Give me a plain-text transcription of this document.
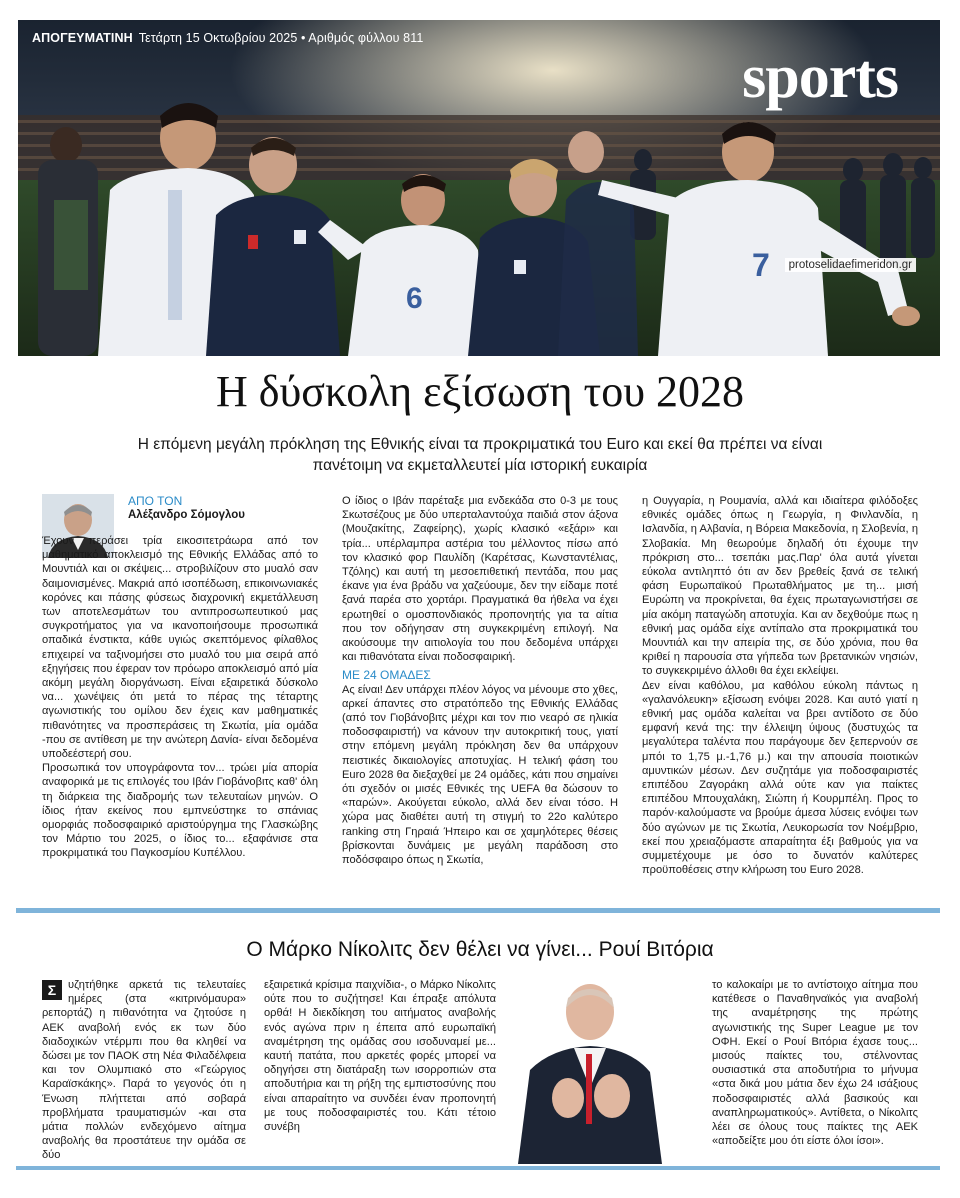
6
7
ΑΠΟΓΕΥΜΑΤΙΝΗ Τετάρτη 15 Οκτωβρίου 2025 • Αριθμός φύλλου 811
sports
protoselidaefimeridon.gr
Η δύσκολη εξίσωση του 2028
Η επόμενη μεγάλη πρόκληση της Εθνικής είναι τα προκριματικά του Euro και εκεί θα πρέπει να είναι πανέτοιμη να εκμεταλλευτεί μία ιστορική ευκαιρία
ΑΠΟ ΤΟΝ
Αλέξανδρο Σόμογλου

Έχουν περάσει τρία εικοσιτετράωρα από τον μαθηματικό αποκλεισμό της Εθνικής Ελλάδας από το Μουντιάλ και οι σκέψεις... στροβιλίζουν στο μυαλό σαν δαιμονισμένες. Μακριά από ισοπέδωση, επικοινωνιακές κορόνες και πάσης φύσεως διαχρονική εκμετάλλευση των αποτελεσμάτων του αντιπροσωπευτικού μας συγκροτήματος για να ικανοποιήσουμε προσωπικά οπαδικά ένστικτα, κάθε υγιώς σκεπτόμενος φίλαθλος επιχειρεί να ταξινομήσει στο μυαλό του μια σειρά από εξηγήσεις που έφεραν τον πρόωρο αποκλεισμό από μία ακόμη μεγάλη διοργάνωση. Είναι εξαιρετικά δύσκολο να... χωνέψεις ότι μετά το πέρας της τέταρτης αγωνιστικής του ομίλου δεν έχεις καν μαθηματικές πιθανότητες να προσπεράσεις τη Σκωτία, μία ομάδα -που σε αντίθεση με την ανώτερη Δανία- είναι δεδομένα υποδεέστερή σου.

Προσωπικά τον υπογράφοντα τον... τρώει μία απορία αναφορικά με τις επιλογές του Ιβάν Γιοβάνοβιτς καθ' όλη τη διάρκεια της διαδρομής των τελευταίων μηνών. Ο ίδιος ήταν εκείνος που εμπνεύστηκε το σπάνιας ομορφιάς ποδοσφαιρικό αριστούργημα της Γλασκώβης τον Μάρτιο του 2025, ο ίδιος το... εξαφάνισε στα προκριματικά του Παγκοσμίου Κυπέλλου.

Ο ίδιος ο Ιβάν παρέταξε μια ενδεκάδα στο 0-3 με τους Σκωτσέζους με δύο υπερταλαντούχα παιδιά στον άξονα (Μουζακίτης, Ζαφείρης), χωρίς κλασικό «εξάρι» και τρία... υπέρλαμπρα αστέρια του μέλλοντος πίσω από τον κλασικό φορ Παυλίδη (Καρέτσας, Κωνσταντέλιας, Τζόλης) και αυτή τη μεσοεπιθετική πεντάδα, που μας έκανε για ένα βράδυ να χαζεύουμε, δεν την είδαμε ποτέ ξανά παρέα στο χορτάρι. Πραγματικά θα ήθελα να έχει ερωτηθεί ο ομοσπονδιακός προπονητής για τα αίτια που τον οδήγησαν στη συγκεκριμένη επιλογή. Να ακούσουμε την αιτιολογία του που δεδομένα υπάρχει και πιθανότατα είναι ποδοσφαιρική.

ΜΕ 24 ΟΜΑΔΕΣ

Ας είναι! Δεν υπάρχει πλέον λόγος να μένουμε στο χθες, αρκεί άπαντες στο στρατόπεδο της Εθνικής Ελλάδας (από τον Γιοβάνοβιτς μέχρι και τον πιο νεαρό σε ηλικία ποδοσφαιριστή) να κάνουν την αυτοκριτική τους, γιατί στην επόμενη μεγάλη πρόκληση δεν θα υπάρχουν πειστικές δικαιολογίες αποτυχίας. Η τελική φάση του Euro 2028 θα διεξαχθεί με 24 ομάδες, κάτι που σημαίνει ότι σχεδόν οι μισές Εθνικές της UEFA θα δώσουν το «παρών». Ακούγεται εύκολο, αλλά δεν είναι τόσο. Η χώρα μας διαθέτει αυτή τη στιγμή το 22ο καλύτερο ranking στη Γηραιά Ήπειρο και σε χαμηλότερες θέσεις βρίσκονται δυνάμεις με μεγάλη παράδοση στο ποδόσφαιρο όπως η Σκωτία,

η Ουγγαρία, η Ρουμανία, αλλά και ιδιαίτερα φιλόδοξες εθνικές ομάδες όπως η Γεωργία, η Φινλανδία, η Ισλανδία, η Αλβανία, η Βόρεια Μακεδονία, η Σλοβενία, η Σλοβακία. Μη θεωρούμε δηλαδή ότι έχουμε την πρόκριση στο... τσεπάκι μας.Παρ' όλα αυτά γίνεται εύκολα αντιληπτό ότι αν δεν βρεθείς ξανά σε τελική φάση Ευρωπαϊκού Πρωταθλήματος με τη... μισή Ευρώπη να προκρίνεται, θα έχεις πρωταγωνιστήσει σε μία ακόμη παταγώδη αποτυχία. Και αν δεχθούμε πως η εθνική μας ομάδα είχε αντίπαλο στα προκριματικά του Μουντιάλ και την απειρία της, σε δύο χρόνια, που θα κριθεί η παρουσία στα γήπεδα των βρετανικών νησιών, το συγκεκριμένο άλλοθι θα έχει εκλείψει.

Δεν είναι καθόλου, μα καθόλου εύκολη πάντως η «γαλανόλευκη» εξίσωση ενόψει 2028. Και αυτό γιατί η εθνική μας ομάδα καλείται να βρει αντίδοτο σε δύο εμφανή κενά της: την έλλειψη ύψους (δυστυχώς τα μεγαλύτερα ταλέντα που παράγουμε δεν ξεπερνούν σε μπόι το 1,75 μ.-1,76 μ.) και την απουσία ποιοτικών αμυντικών μέσων. Δεν συζητάμε για ποδοσφαιριστές επιπέδου Ζαγοράκη αλλά ούτε καν για παίκτες επιπέδου Μπουχαλάκη, Σιώπη ή Κουρμπέλη. Προς το παρόν·καλούμαστε να βρούμε άμεσα λύσεις ενόψει των δύο αγώνων με τις Σκωτία, Λευκορωσία τον Νοέμβριο, εκεί που χρειαζόμαστε απαραίτητα έξι βαθμούς για να συμμετέχουμε με όσο το δυνατόν καλύτερες προϋποθέσεις στην κλήρωση του Euro 2028.

Ο Μάρκο Νίκολιτς δεν θέλει να γίνει... Ρουί Βιτόρια
Σ	υζητήθηκε αρκετά τις τελευταίες ημέρες (στα «κιτρινόμαυρα» ρεπορτάζ) η πιθανότητα να ζητούσε η ΑΕΚ αναβολή ενός εκ των δύο διαδοχικών ντέρμπι που θα κληθεί να δώσει με τον ΠΑΟΚ στη Νέα Φιλαδέλφεια και τον Ολυμπιακό στο «Γεώργιος Καραϊσκάκης». Παρά το γεγονός ότι η Ένωση πλήττεται από σοβαρά προβλήματα τραυματισμών -και στα μάτια πολλών ενδεχόμενο αίτημα αναβολής θα προστάτευε την ομάδα σε δύο

εξαιρετικά κρίσιμα παιχνίδια-, ο Μάρκο Νίκολιτς ούτε που το συζήτησε! Και έπραξε απόλυτα ορθά! Η διεκδίκηση του αιτήματος αναβολής ενός αγώνα πριν η έπειτα από ευρωπαϊκή αναμέτρηση της ομάδας σου ισοδυναμεί με... καυτή πατάτα, που αρκετές φορές μπορεί να οδηγήσει στη διατάραξη των ισορροπιών στα αποδυτήρια και τη ρήξη της εμπιστοσύνης που είναι απαραίτητο να συνδέει έναν προπονητή με τους ποδοσφαιριστές του. Κάτι τέτοιο συνέβη

το καλοκαίρι με το αντίστοιχο αίτημα που κατέθεσε ο Παναθηναϊκός για αναβολή της αναμέτρησης της πρώτης αγωνιστικής της Super League με τον ΟΦΗ. Εκεί ο Ρουί Βιτόρια έχασε τους... μισούς παίκτες του, στέλνοντας ουσιαστικά στα αποδυτήρια το μήνυμα «στα δικά μου μάτια δεν έχω 24 ισάξιους ποδοσφαιριστές αλλά βασικούς και αναπληρωματικούς». Αντίθετα, ο Νίκολιτς λέει σε όλους τους παίκτες της ΑΕΚ «αποδείξτε μου ότι είστε όλοι ίσοι».
